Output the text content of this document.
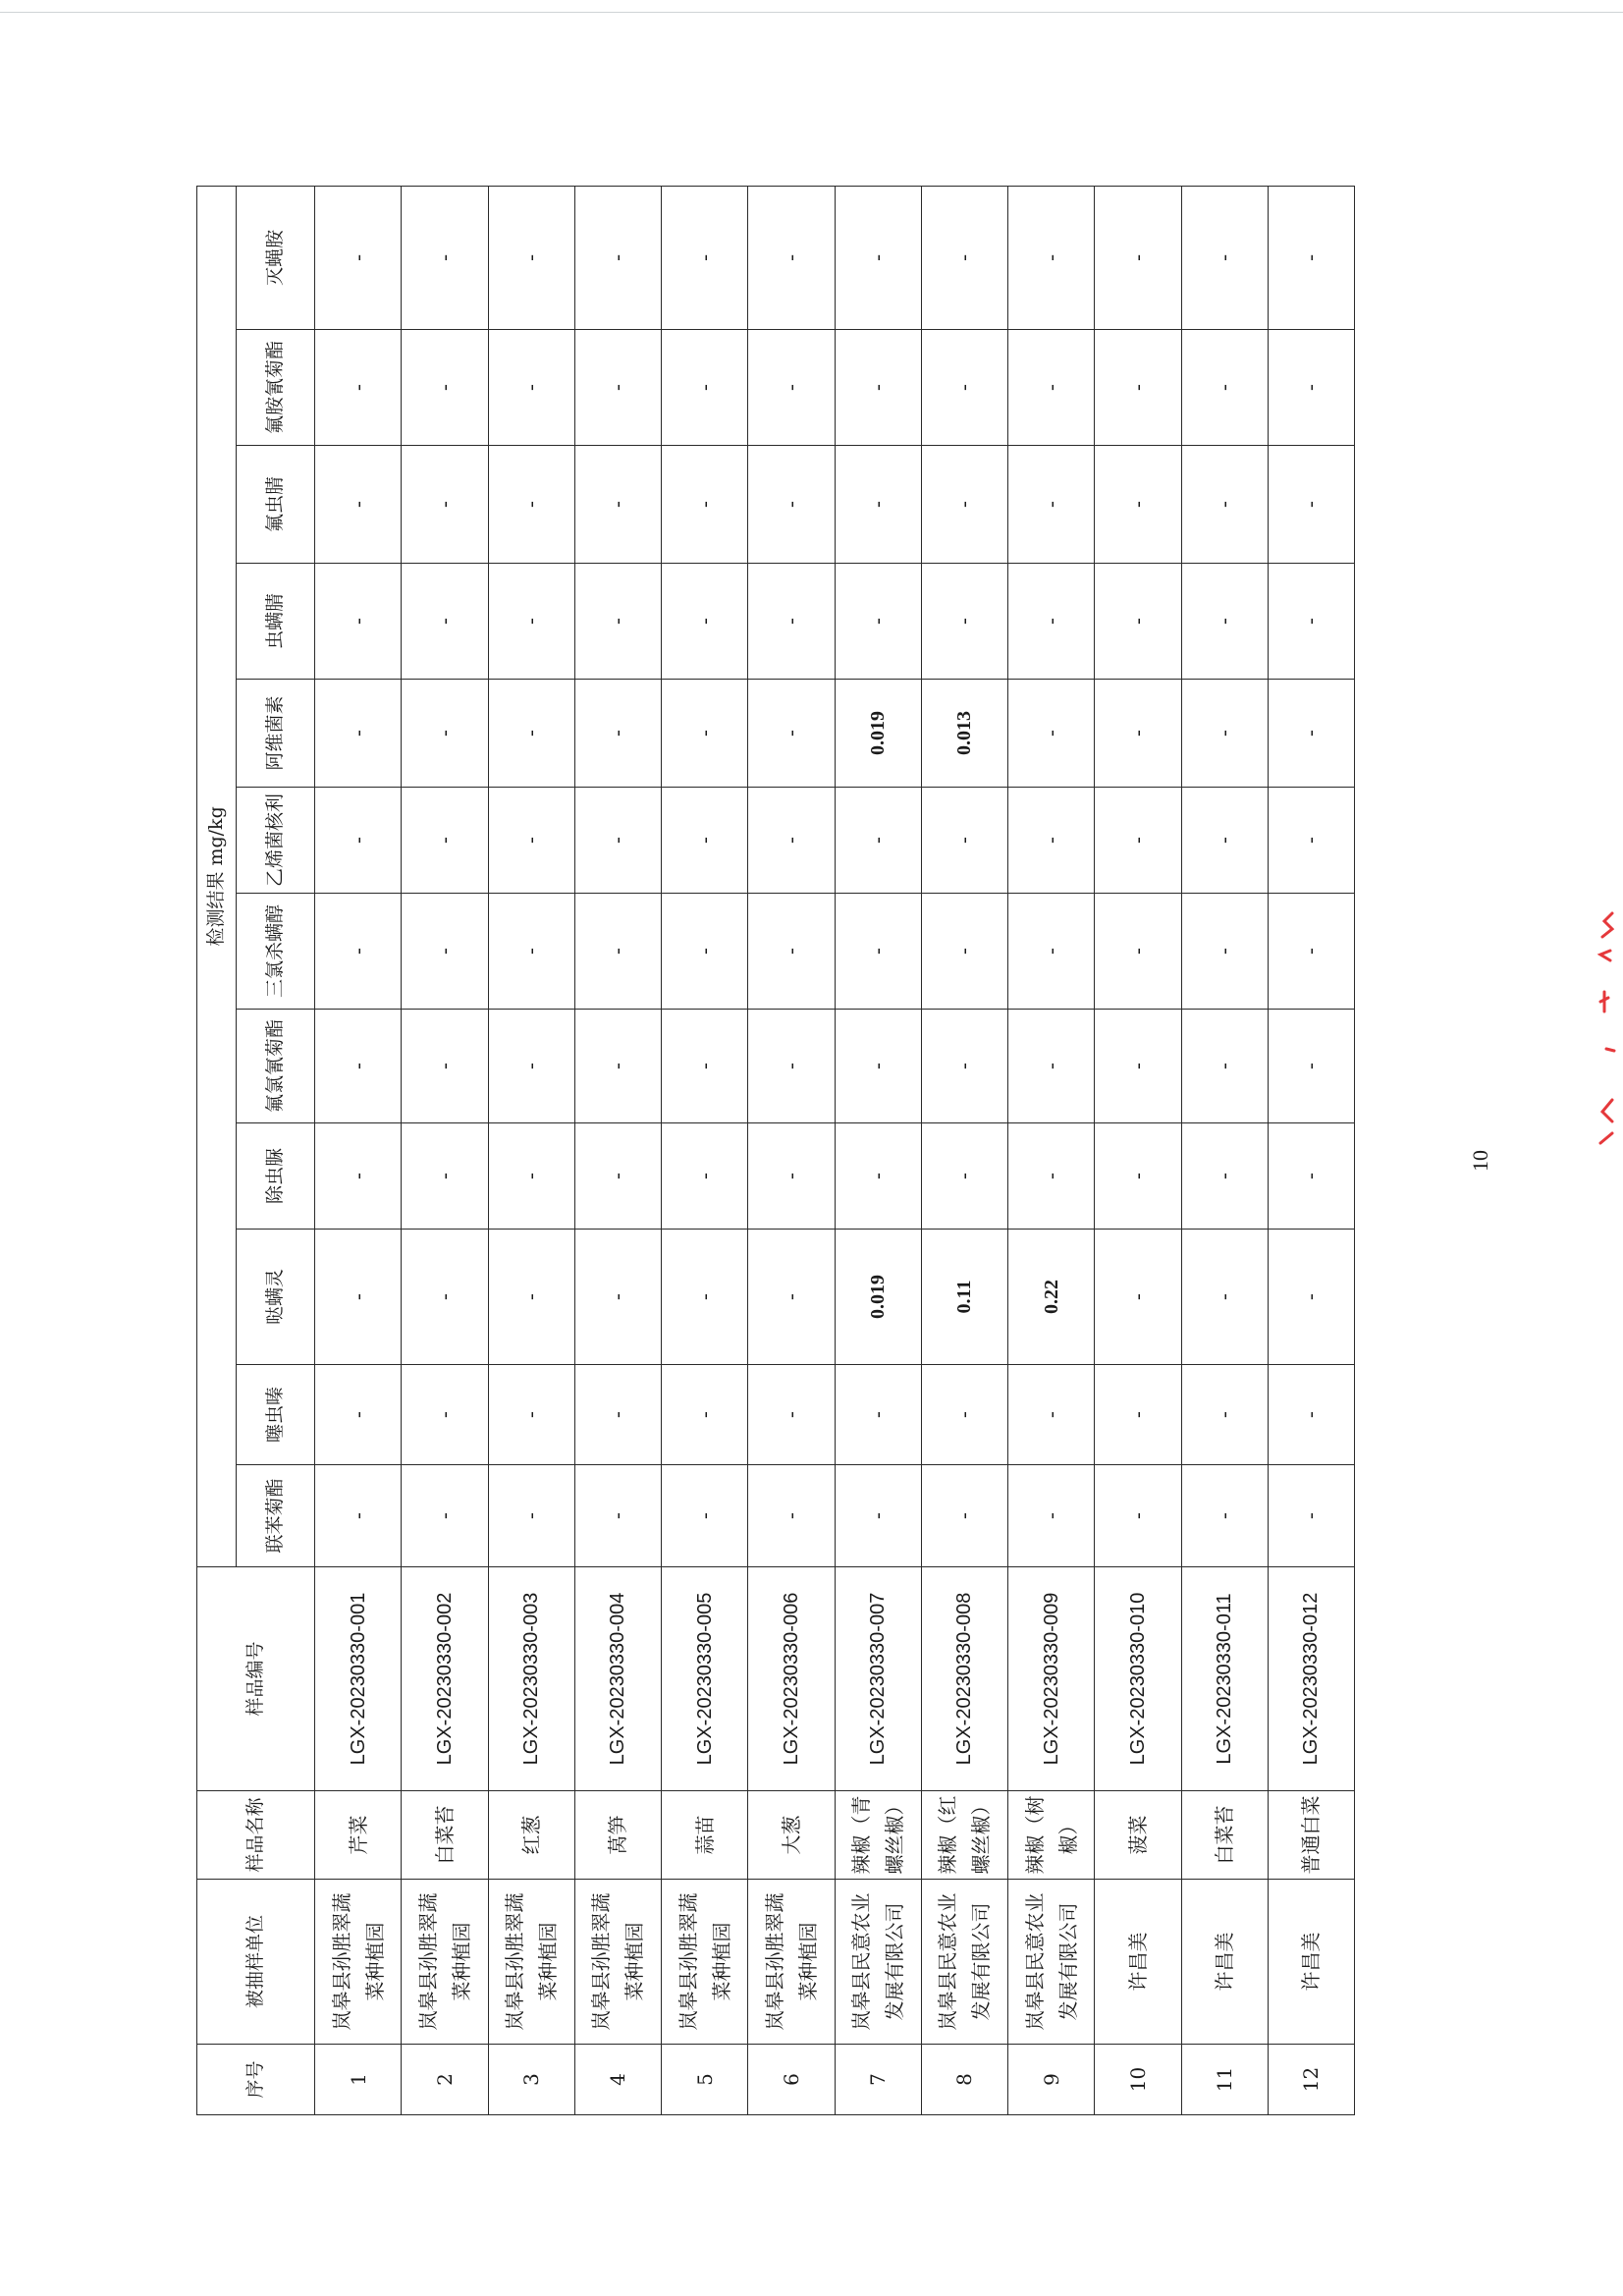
序号	被抽样单位	样品名称	样品编号	检测结果 mg/kg											
				联苯菊酯	噻虫嗪	哒螨灵	除虫脲	氟氯氰菊酯	三氯杀螨醇	乙烯菌核利	阿维菌素	虫螨腈	氟虫腈	氟胺氰菊酯	灭蝇胺
1	岚皋县孙胜翠蔬菜种植园	芹菜	LGX-20230330-001	-	-	-	-	-	-	-	-	-	-	-	-
2	岚皋县孙胜翠蔬菜种植园	白菜苔	LGX-20230330-002	-	-	-	-	-	-	-	-	-	-	-	-
3	岚皋县孙胜翠蔬菜种植园	红葱	LGX-20230330-003	-	-	-	-	-	-	-	-	-	-	-	-
4	岚皋县孙胜翠蔬菜种植园	莴笋	LGX-20230330-004	-	-	-	-	-	-	-	-	-	-	-	-
5	岚皋县孙胜翠蔬菜种植园	蒜苗	LGX-20230330-005	-	-	-	-	-	-	-	-	-	-	-	-
6	岚皋县孙胜翠蔬菜种植园	大葱	LGX-20230330-006	-	-	-	-	-	-	-	-	-	-	-	-
7	岚皋县民意农业发展有限公司	辣椒（青螺丝椒）	LGX-20230330-007	-	-	0.019	-	-	-	-	0.019	-	-	-	-
8	岚皋县民意农业发展有限公司	辣椒（红螺丝椒）	LGX-20230330-008	-	-	0.11	-	-	-	-	0.013	-	-	-	-
9	岚皋县民意农业发展有限公司	辣椒（树椒）	LGX-20230330-009	-	-	0.22	-	-	-	-	-	-	-	-	-
10	许昌美	菠菜	LGX-20230330-010	-	-	-	-	-	-	-	-	-	-	-	-
11	许昌美	白菜苔	LGX-20230330-011	-	-	-	-	-	-	-	-	-	-	-	-
12	许昌美	普通白菜	LGX-20230330-012	-	-	-	-	-	-	-	-	-	-	-	-
10
